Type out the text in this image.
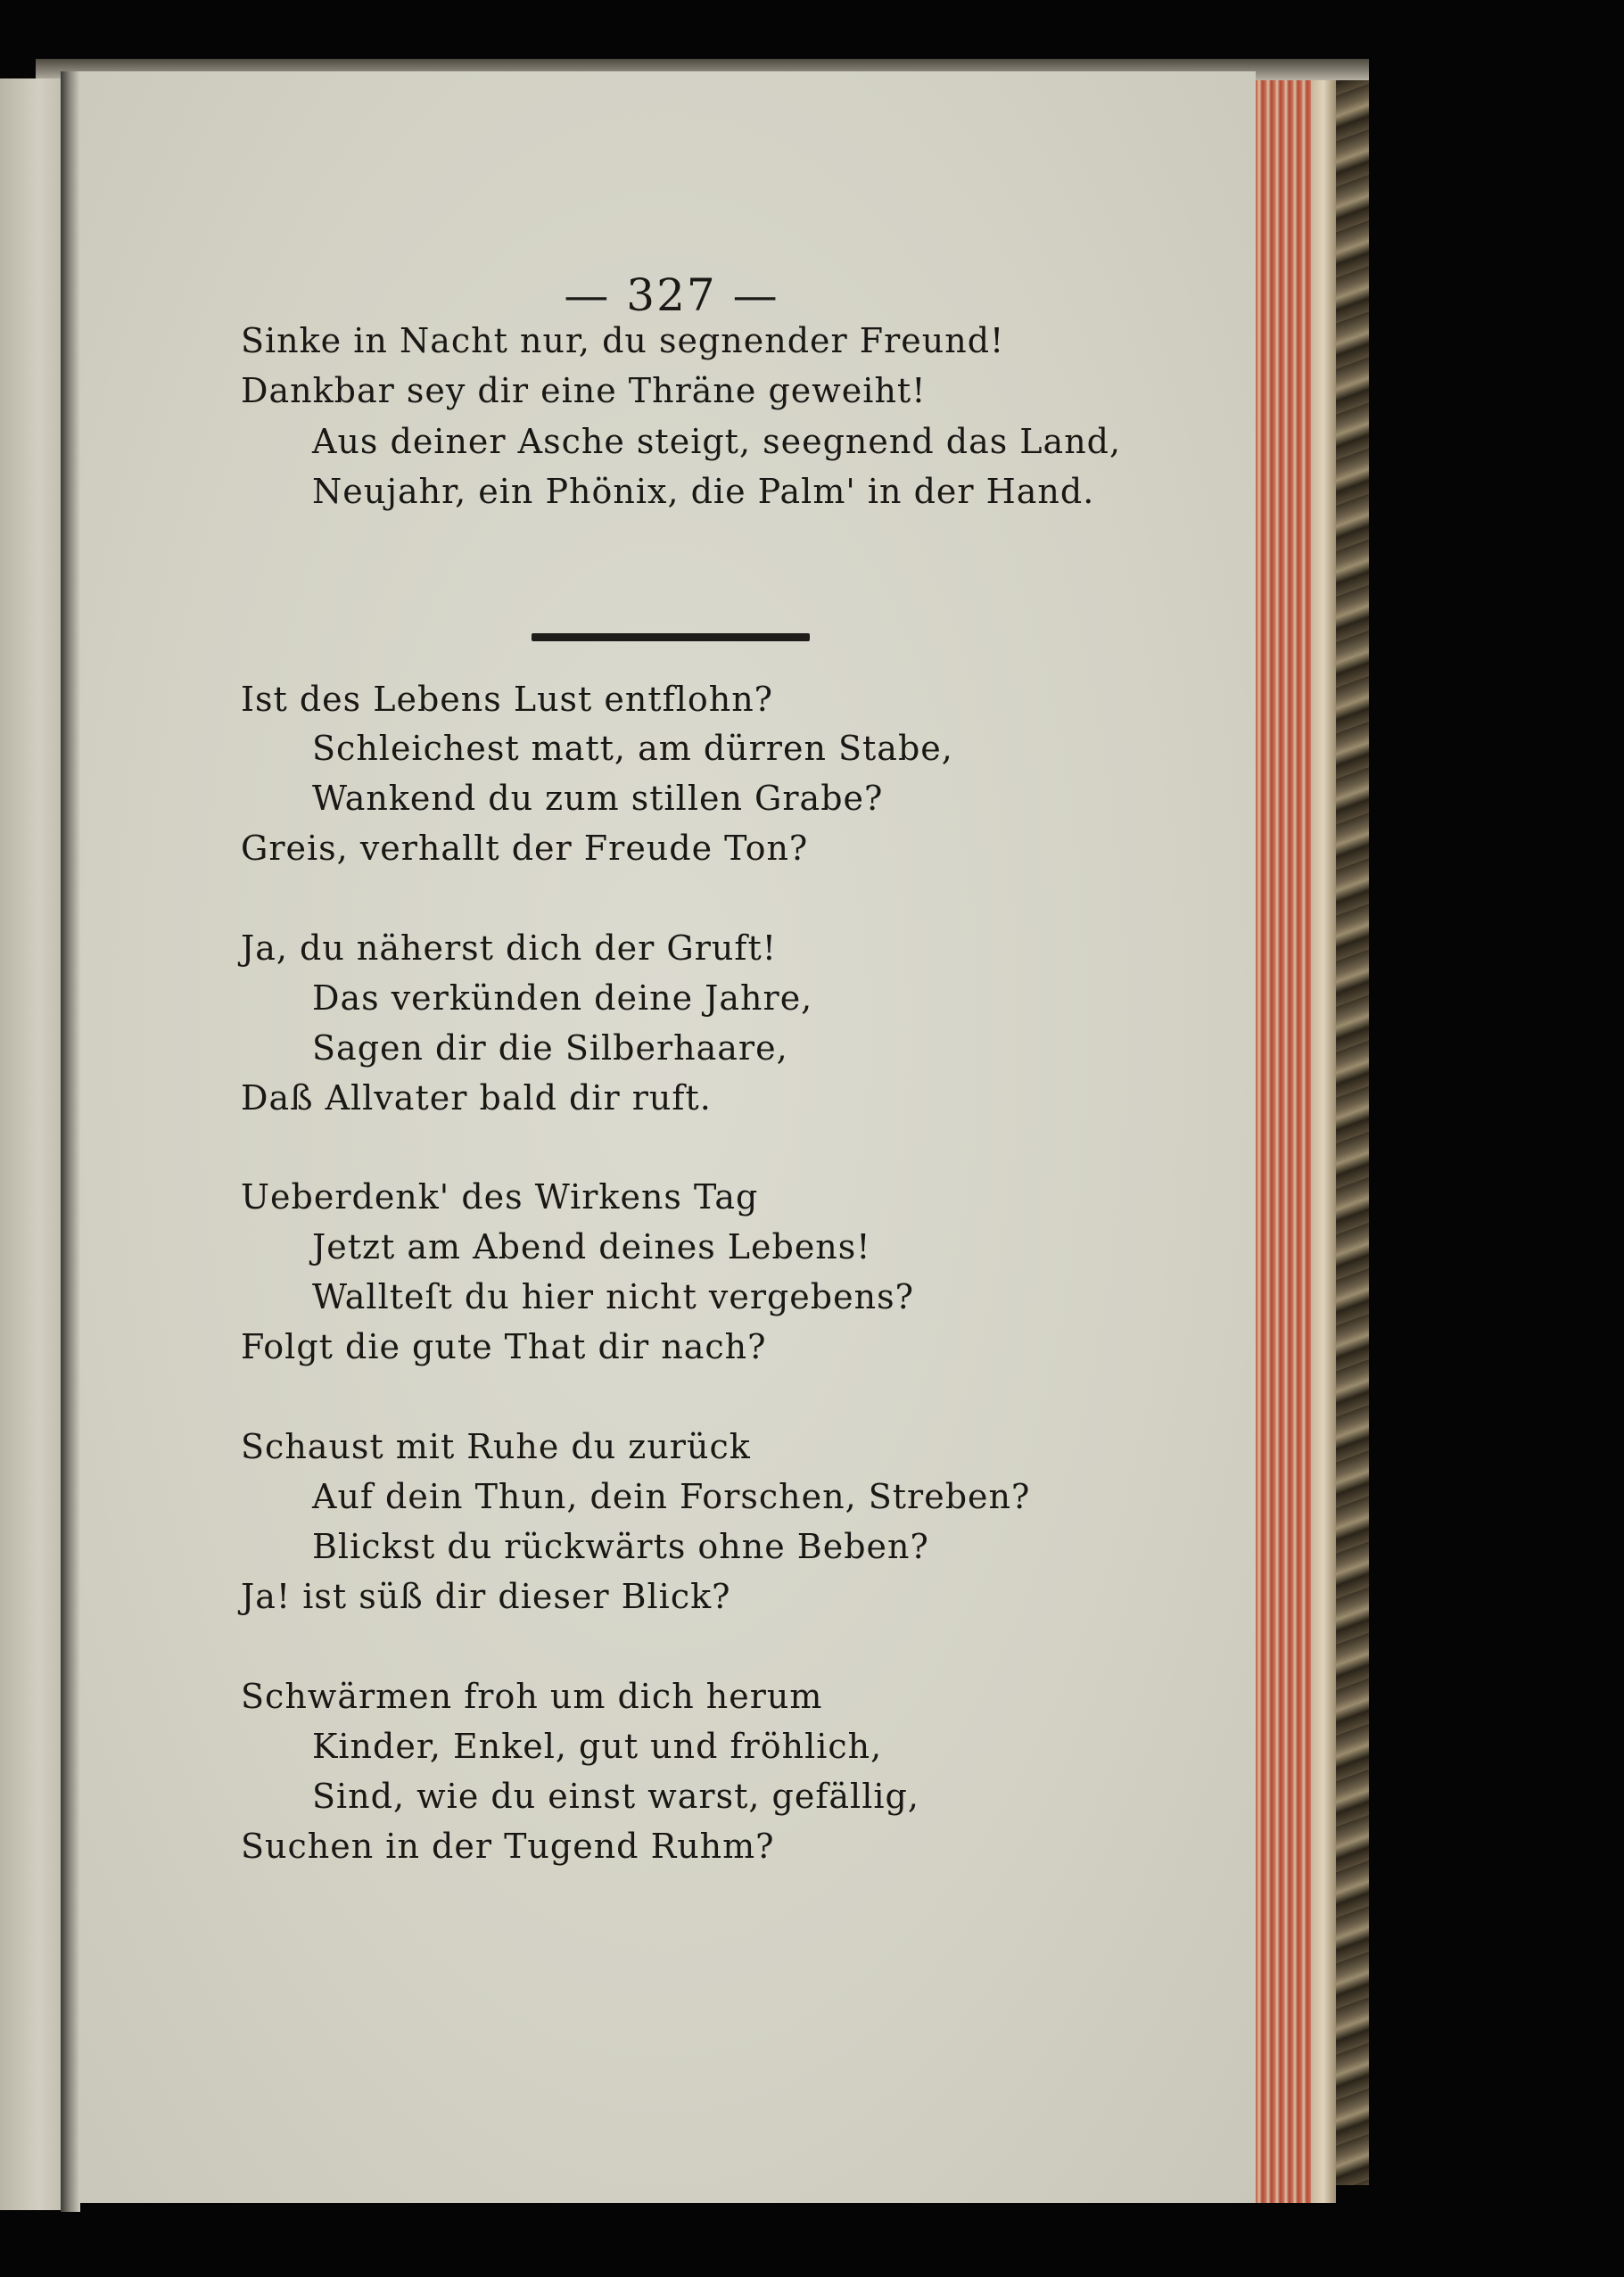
— 327 —
Sinke in Nacht nur, du segnender Freund!
Dankbar sey dir eine Thräne geweiht!
Aus deiner Asche steigt, seegnend das Land,
Neujahr, ein Phönix, die Palm' in der Hand.
Ist des Lebens Lust entflohn?
Schleichest matt, am dürren Stabe,
Wankend du zum stillen Grabe?
Greis, verhallt der Freude Ton?
Ja, du näherst dich der Gruft!
Das verkünden deine Jahre,
Sagen dir die Silberhaare,
Daß Allvater bald dir ruft.
Ueberdenk' des Wirkens Tag
Jetzt am Abend deines Lebens!
Wallteſt du hier nicht vergebens?
Folgt die gute That dir nach?
Schaust mit Ruhe du zurück
Auf dein Thun, dein Forschen, Streben?
Blickst du rückwärts ohne Beben?
Ja! ist süß dir dieser Blick?
Schwärmen froh um dich herum
Kinder, Enkel, gut und fröhlich,
Sind, wie du einst warst, gefällig,
Suchen in der Tugend Ruhm?
